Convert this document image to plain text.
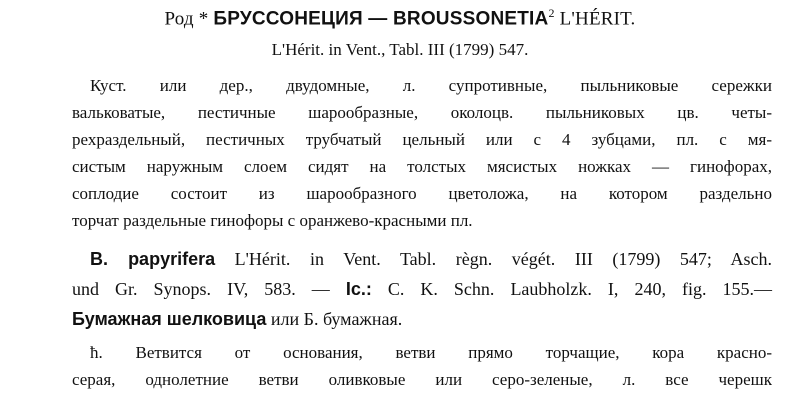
Род * БРУССОНЕЦИЯ — BROUSSONETIA$^2$ L'HÉRIT.
L'Hérit. in Vent., Tabl. III (1799) 547.
Куст. или дер., двудомные, л. супротивные, пыльниковые сережки
вальковатые, пестичные шарообразные, околоцв. пыльниковых цв. четы-
рехраздельный, пестичных трубчатый цельный или с 4 зубцами, пл. с мя-
систым наружным слоем сидят на толстых мясистых ножках — гинофорах,
соплодие состоит из шарообразного цветоложа, на котором раздельно
торчат раздельные гинофоры с оранжево-красными пл.
B. papyrifera L'Hérit. in Vent. Tabl. règn. végét. III (1799) 547; Asch.
und Gr. Synops. IV, 583. — Ic.: C. K. Schn. Laubholzk. I, 240, fig. 155.—
Бумажная шелковица или Б. бумажная.
ħ. Ветвится от основания, ветви прямо торчащие, кора красно-
серая, однолетние ветви оливковые или серо-зеленые, л. все черешк
